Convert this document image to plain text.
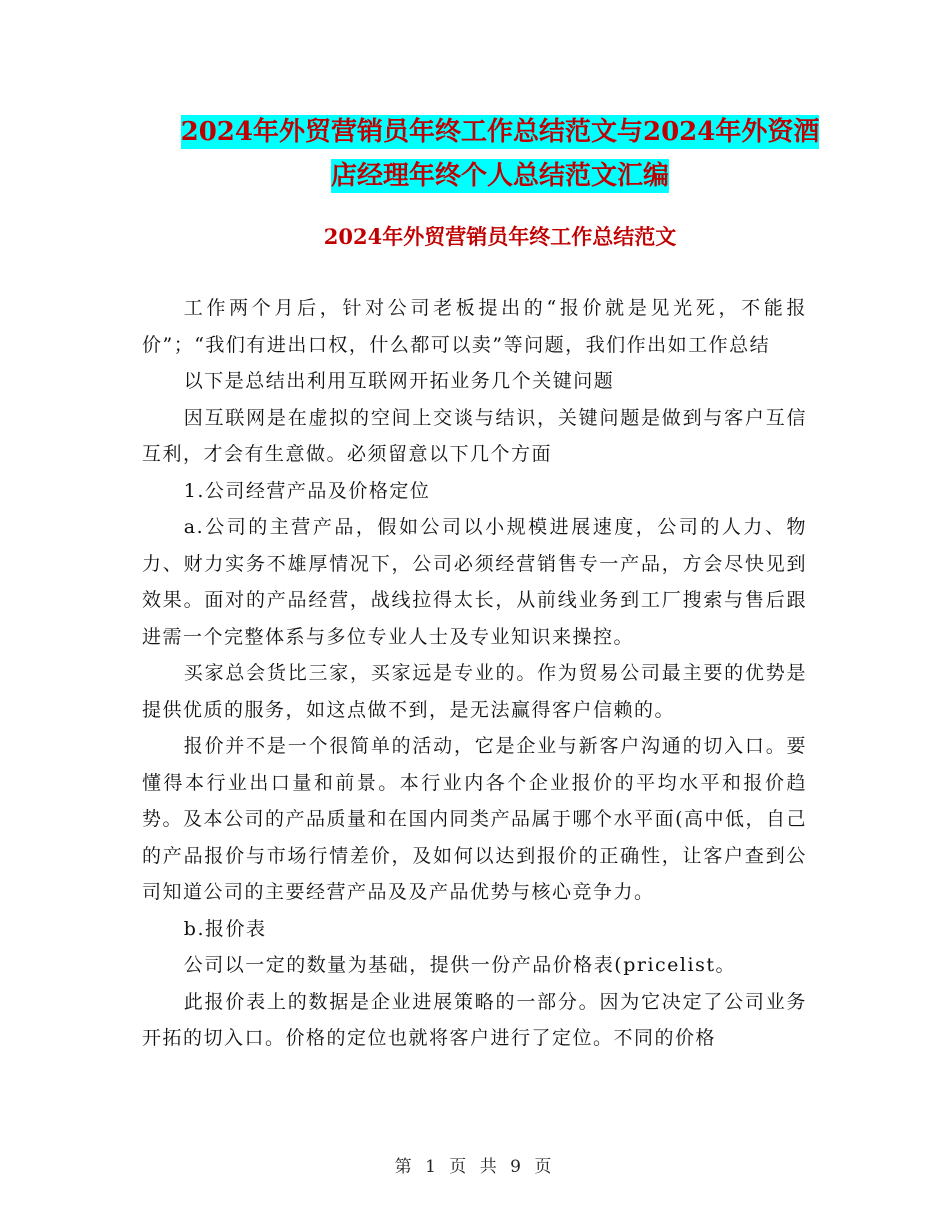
2024年外贸营销员年终工作总结范文与2024年外资酒
店经理年终个人总结范文汇编
2024年外贸营销员年终工作总结范文

工作两个月后，针对公司老板提出的“报价就是见光死，不能报价”；“我们有进出口权，什么都可以卖”等问题，我们作出如工作总结

以下是总结出利用互联网开拓业务几个关键问题

因互联网是在虚拟的空间上交谈与结识，关键问题是做到与客户互信互利，才会有生意做。必须留意以下几个方面

1.公司经营产品及价格定位

a.公司的主营产品，假如公司以小规模进展速度，公司的人力、物力、财力实务不雄厚情况下，公司必须经营销售专一产品，方会尽快见到效果。面对的产品经营，战线拉得太长，从前线业务到工厂搜索与售后跟进需一个完整体系与多位专业人士及专业知识来操控。

买家总会货比三家，买家远是专业的。作为贸易公司最主要的优势是提供优质的服务，如这点做不到，是无法赢得客户信赖的。

报价并不是一个很简单的活动，它是企业与新客户沟通的切入口。要懂得本行业出口量和前景。本行业内各个企业报价的平均水平和报价趋势。及本公司的产品质量和在国内同类产品属于哪个水平面(高中低，自己的产品报价与市场行情差价，及如何以达到报价的正确性，让客户查到公司知道公司的主要经营产品及及产品优势与核心竞争力。

b.报价表

公司以一定的数量为基础，提供一份产品价格表(pricelist。

此报价表上的数据是企业进展策略的一部分。因为它决定了公司业务开拓的切入口。价格的定位也就将客户进行了定位。不同的价格

第 1 页 共 9 页
